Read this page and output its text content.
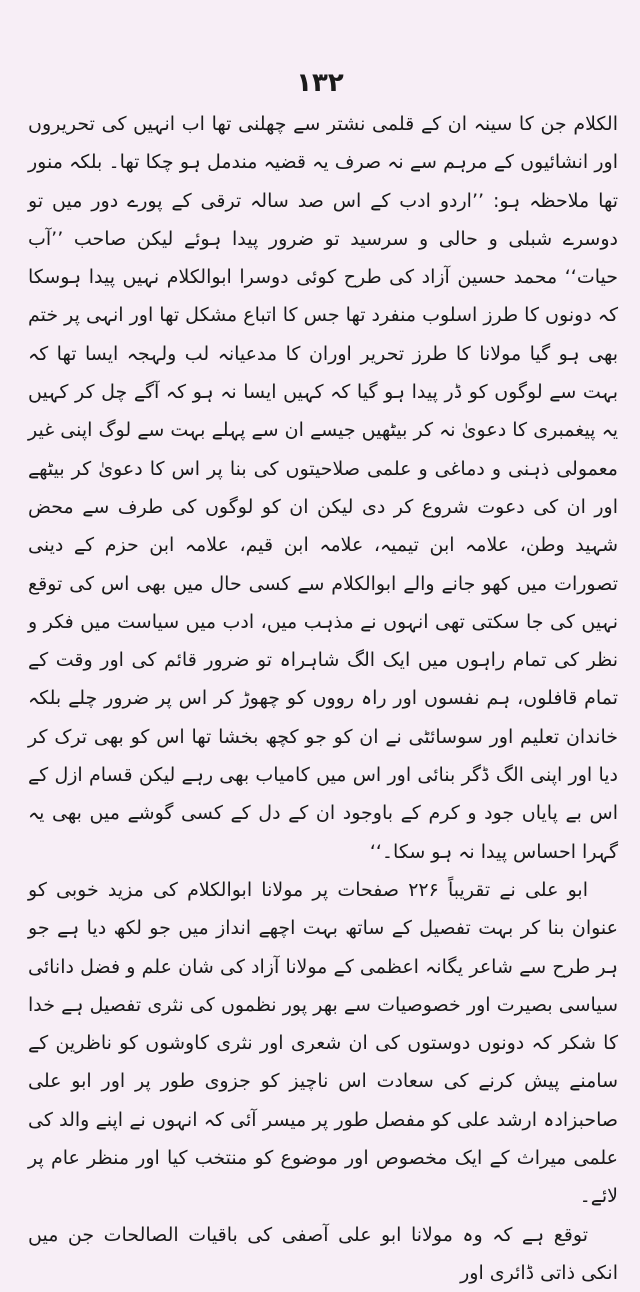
۱۳۲

الکلام جن کا سینہ ان کے قلمی نشتر سے چھلنی تھا اب انہیں کی تحریروں اور انشائیوں کے مرہم سے نہ صرف یہ قضیہ مندمل ہو چکا تھا۔ بلکہ منور تھا ملاحظہ ہو: ’’اردو ادب کے اس صد سالہ ترقی کے پورے دور میں تو دوسرے شبلی و حالی و سرسید تو ضرور پیدا ہوئے لیکن صاحب ’’آب حیات‘‘ محمد حسین آزاد کی طرح کوئی دوسرا ابوالکلام نہیں پیدا ہوسکا کہ دونوں کا طرز اسلوب منفرد تھا جس کا اتباع مشکل تھا اور انہی پر ختم بھی ہو گیا مولانا کا طرز تحریر اوران کا مدعیانہ لب ولہجہ ایسا تھا کہ بہت سے لوگوں کو ڈر پیدا ہو گیا کہ کہیں ایسا نہ ہو کہ آگے چل کر کہیں یہ پیغمبری کا دعویٰ نہ کر بیٹھیں جیسے ان سے پہلے بہت سے لوگ اپنی غیر معمولی ذہنی و دماغی و علمی صلاحیتوں کی بنا پر اس کا دعویٰ کر بیٹھے اور ان کی دعوت شروع کر دی لیکن ان کو لوگوں کی طرف سے محض شہید وطن، علامہ ابن تیمیہ، علامہ ابن قیم، علامہ ابن حزم کے دینی تصورات میں کھو جانے والے ابوالکلام سے کسی حال میں بھی اس کی توقع نہیں کی جا سکتی تھی انہوں نے مذہب میں، ادب میں سیاست میں فکر و نظر کی تمام راہوں میں ایک الگ شاہراہ تو ضرور قائم کی اور وقت کے تمام قافلوں، ہم نفسوں اور راہ رووں کو چھوڑ کر اس پر ضرور چلے بلکہ خاندان تعلیم اور سوسائٹی نے ان کو جو کچھ بخشا تھا اس کو بھی ترک کر دیا اور اپنی الگ ڈگر بنائی اور اس میں کامیاب بھی رہے لیکن قسام ازل کے اس بے پایاں جود و کرم کے باوجود ان کے دل کے کسی گوشے میں بھی یہ گہرا احساس پیدا نہ ہو سکا۔‘‘

ابو علی نے تقریباً ۲۲۶ صفحات پر مولانا ابوالکلام کی مزید خوبی کو عنوان بنا کر بہت تفصیل کے ساتھ بہت اچھے انداز میں جو لکھ دیا ہے جو ہر طرح سے شاعر یگانہ اعظمی کے مولانا آزاد کی شان علم و فضل دانائی سیاسی بصیرت اور خصوصیات سے بھر پور نظموں کی نثری تفصیل ہے خدا کا شکر کہ دونوں دوستوں کی ان شعری اور نثری کاوشوں کو ناظرین کے سامنے پیش کرنے کی سعادت اس ناچیز کو جزوی طور پر اور ابو علی صاحبزادہ ارشد علی کو مفصل طور پر میسر آئی کہ انہوں نے اپنے والد کی علمی میراث کے ایک مخصوص اور موضوع کو منتخب کیا اور منظر عام پر لائے۔

توقع ہے کہ وہ مولانا ابو علی آصفی کی باقیات الصالحات جن میں انکی ذاتی ڈائری اور
